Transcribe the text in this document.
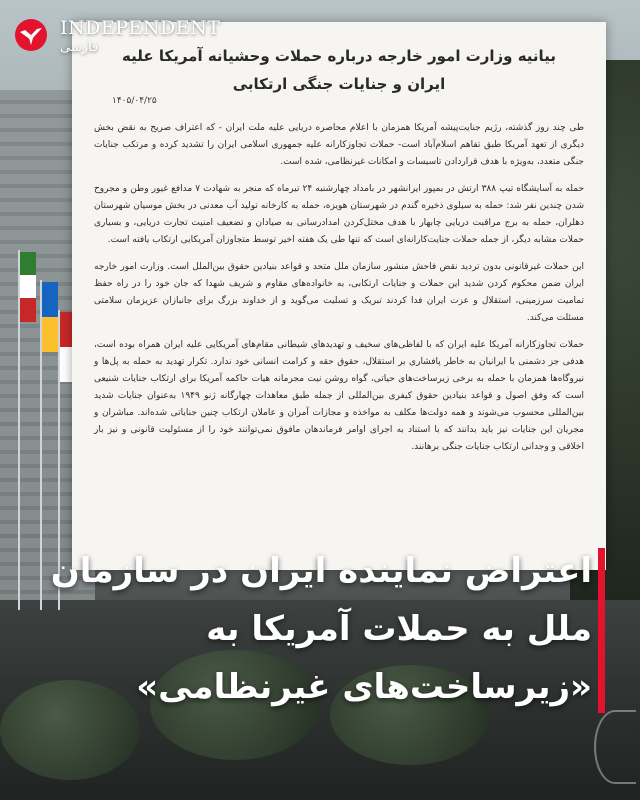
بیانیه وزارت امور خارجه درباره حملات وحشیانه آمریکا علیه ایران و جنایات جنگی ارتکابی
۱۴۰۵/۰۴/۲۵

طی چند روز گذشته، رژیم جنایت‌پیشه آمریکا همزمان با اعلام محاصره دریایی علیه ملت ایران - که اعتراف صریح به نقض بخش دیگری از تعهد آمریکا طبق تفاهم اسلام‌آباد است- حملات تجاوزکارانه علیه جمهوری اسلامی ایران را تشدید کرده و مرتکب جنایات جنگی متعدد، بەویژه با هدف قراردادن تاسیسات و امکانات غیرنظامی، شده است.

حمله به آسایشگاه تیپ ۳۸۸ ارتش در بمپور ایرانشهر در بامداد چهارشنبه ۲۴ تیرماه که منجر به شهادت ۷ مدافع غیور وطن و مجروح شدن چندین نفر شد: حمله به سیلوی ذخیره گندم در شهرستان هویزه، حمله به کارخانه تولید آب معدنی در بخش موسیان شهرستان دهلران، حمله به برج مراقبت دریایی چابهار با هدف مختل‌کردن امدادرسانی به صیادان و تضعیف امنیت تجارت دریایی، و بسیاری حملات مشابه دیگر، از جمله حملات جنایت‌کارانه‌ای است که تنها طی یک هفته اخیر توسط متجاوزان آمریکایی ارتکاب یافته است.

این حملات غیرقانونی بدون تردید نقض فاحش منشور سازمان ملل متحد و قواعد بنیادین حقوق بین‌الملل است. وزارت امور خارجه ایران ضمن محکوم کردن شدید این حملات و جنایات ارتکابی، به خانواده‌های مقاوم و شریف شهدا که جان خود را در راه حفظ تمامیت سرزمینی، استقلال و عزت ایران فدا کردند تبریک و تسلیت می‌گوید و از خداوند بزرگ برای جانبازان عزیزمان سلامتی مسئلت می‌کند.

حملات تجاوزکارانه آمریکا علیه ایران که با لفاظی‌های سخیف و تهدیدهای شیطانی مقام‌های آمریکایی علیه ایران همراه بوده است، هدفی جز دشمنی با ایرانیان به خاطر پافشاری بر استقلال، حقوق حقه و کرامت انسانی خود ندارد. تکرار تهدید به حمله به پل‌ها و نیروگاه‌ها همزمان با حمله به برخی زیرساخت‌های حیاتی، گواه روشن نیت مجرمانه هیات حاکمه آمریکا برای ارتکاب جنایات شنیعی است که وفق اصول و قواعد بنیادین حقوق کیفری بین‌المللی از جمله طبق معاهدات چهارگانه ژنو ۱۹۴۹ به‌عنوان جنایات شدید بین‌المللی محسوب می‌شوند و همه دولت‌ها مکلف به مواخذه و مجازات آمران و عاملان ارتکاب چنین جنایاتی شده‌اند. مباشران و مجریان این جنایات نیز باید بدانند که با استناد به اجرای اوامر فرماندهان مافوق نمی‌توانند خود را از مسئولیت قانونی و نیز بار اخلاقی و وجدانی ارتکاب جنایات جنگی برهانند.

INDEPENDENT
فارسی
اعتراض نماینده ایران در سازمان ملل به حملات آمریکا به «زیرساخت‌های غیرنظامی»
